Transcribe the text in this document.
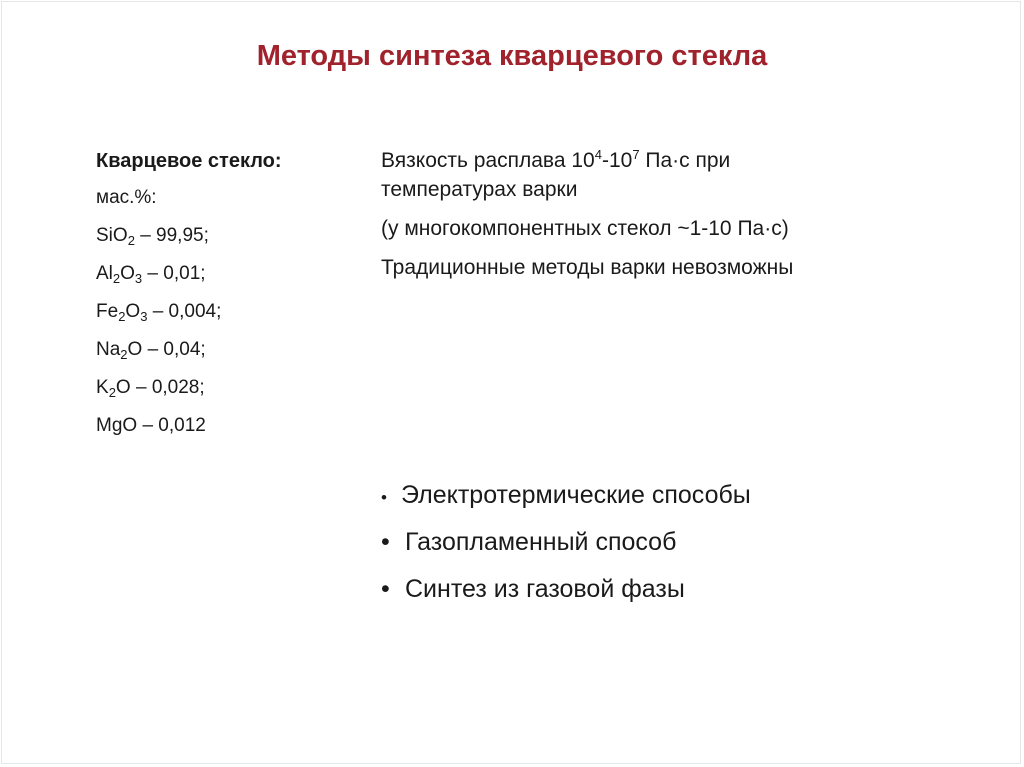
Методы синтеза кварцевого стекла
Кварцевое стекло:
мас.%:
SiO$_2$ – 99,95;
$Al_2O_3 - 0,01$;
$Fe_2O_3 - 0,004$;
$Na_2O - 0,04$;
$K_2O - 0,028$;
MgO – 0,012
Вязкость расплава $10^4-10^7$ Па·с при
температурах варки
(у многокомпонентных стекол ~1-10 Па·с)
Традиционные методы варки невозможны
• Электротермические способы
• Газопламенный способ
• Синтез из газовой фазы
